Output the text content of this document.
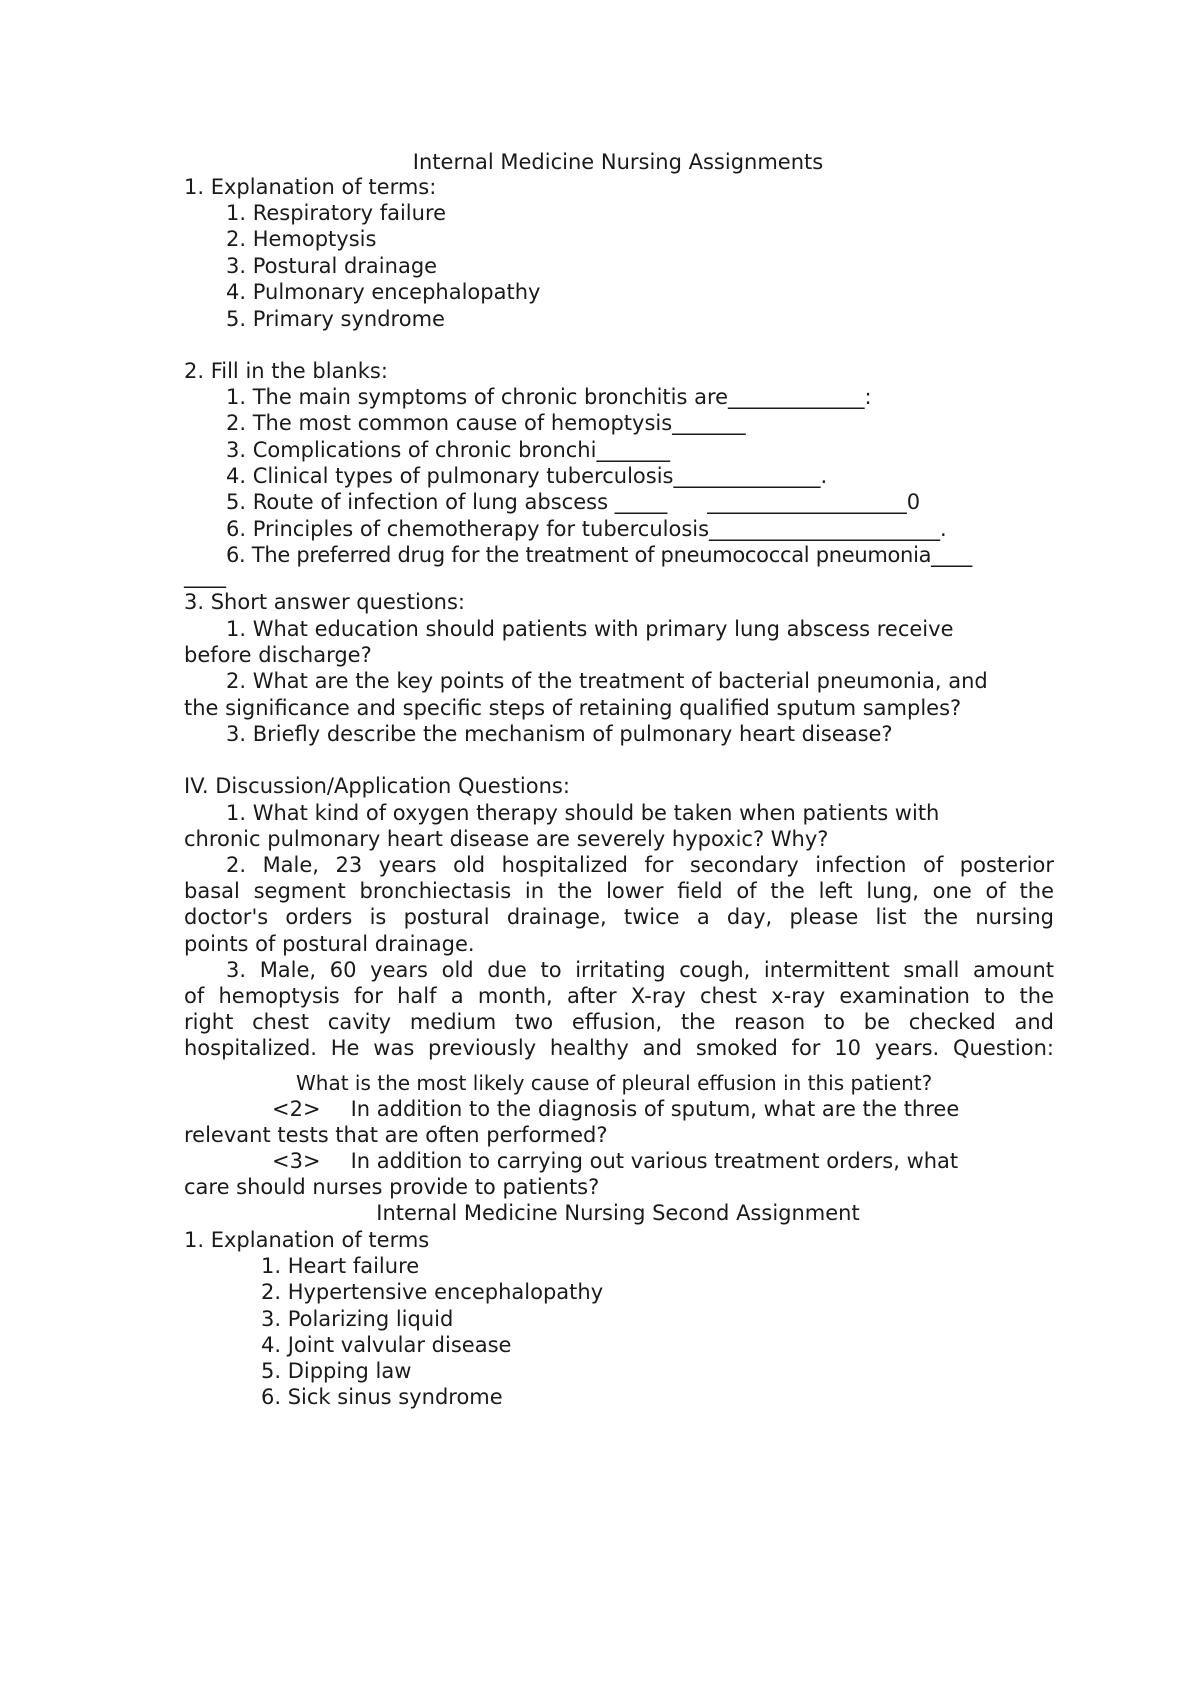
Internal Medicine Nursing Assignments
1. Explanation of terms:
1. Respiratory failure
2. Hemoptysis
3. Postural drainage
4. Pulmonary encephalopathy
5. Primary syndrome
2. Fill in the blanks:
1. The main symptoms of chronic bronchitis are_____________:
2. The most common cause of hemoptysis_______
3. Complications of chronic bronchi_______
4. Clinical types of pulmonary tuberculosis______________.
5. Route of infection of lung abscess _____      ___________________0
6. Principles of chemotherapy for tuberculosis______________________.
6. The preferred drug for the treatment of pneumococcal pneumonia____
____
3. Short answer questions:
1. What education should patients with primary lung abscess receive
before discharge?
2. What are the key points of the treatment of bacterial pneumonia, and
the significance and specific steps of retaining qualified sputum samples?
3. Briefly describe the mechanism of pulmonary heart disease?
IV. Discussion/Application Questions:
1. What kind of oxygen therapy should be taken when patients with
chronic pulmonary heart disease are severely hypoxic? Why?
2. Male, 23 years old hospitalized for secondary infection of posterior
basal segment bronchiectasis in the lower field of the left lung, one of the
doctor's orders is postural drainage, twice a day, please list the nursing
points of postural drainage.
3. Male, 60 years old due to irritating cough, intermittent small amount
of hemoptysis for half a month, after X-ray chest x-ray examination to the
right chest cavity medium two effusion, the reason to be checked and
hospitalized. He was previously healthy and smoked for 10 years. Question:
What is the most likely cause of pleural effusion in this patient?
<2> In addition to the diagnosis of sputum, what are the three
relevant tests that are often performed?
<3> In addition to carrying out various treatment orders, what
care should nurses provide to patients?
Internal Medicine Nursing Second Assignment
1. Explanation of terms
1. Heart failure
2. Hypertensive encephalopathy
3. Polarizing liquid
4. Joint valvular disease
5. Dipping law
6. Sick sinus syndrome
